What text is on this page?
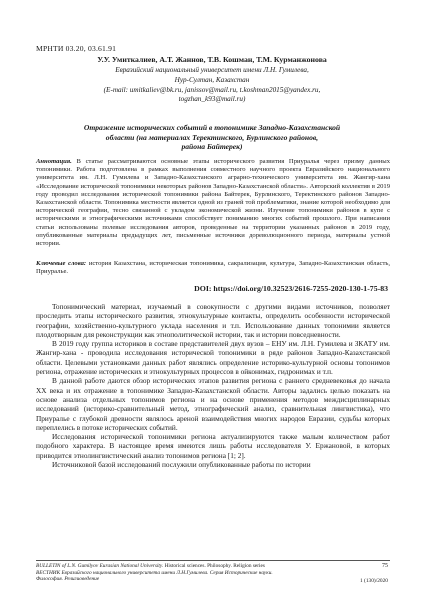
МРНТИ 03.20, 03.61.91
У.У. Умиткалиев, А.Т. Жаннов, Т.В. Кошман, Т.М. Курманжонова
Евразийский национальный университет имени Л.Н. Гумилева,
Нур-Султан, Казахстан
(E-mail: umitkaliev@bk.ru, janissov@mail.ru, t.koshman2015@yandex.ru,
togzhan_k93@mail.ru)
Отражение исторических событий в топонимике Западно-Казахстанской
области (на материалах Теректинского, Бурлинского районов,
района Байтерек)
Аннотация. В статье рассматриваются основные этапы исторического развития Приуралья через призму данных топонимики. Работа подготовлена в рамках выполнения совместного научного проекта Евразийского национального университета им. Л.Н. Гумилева и Западно-Казахстанского аграрно-технического университета им. Жангир-хана «Исследование исторической топонимики некоторых районов Западно-Казахстанской области». Авторский коллектив в 2019 году проводил исследования исторической топонимики района Байтерек, Бурлинского, Теректинского районов Западно-Казахстанской области. Топонимика местности является одной из граней той проблематики, знание которой необходимо для исторической географии, тесно связанной с укладом экономической жизни. Изучение топонимики районов в купе с историческими и этнографическими источниками способствует пониманию многих событий прошлого. При написании статьи использованы полевые исследования авторов, проведенные на территории указанных районов в 2019 году, опубликованные материалы предыдущих лет, письменные источники дореволюционного периода, материалы устной истории.
Ключевые слова: история Казахстана, историческая топонимика, сакрализация, культура, Западно-Казахстанская область, Приуралье.
DOI: https://doi.org/10.32523/2616-7255-2020-130-1-75-83

Топонимический материал, изучаемый в совокупности с другими видами источников, позволяет проследить этапы исторического развития, этнокультурные контакты, определить особенности исторической географии, хозяйственно-культурного уклада населения и т.п. Использование данных топонимии является плодотворным для реконструкции как этнополитической истории, так и истории повседневности.

В 2019 году группа историков в составе представителей двух вузов – ЕНУ им. Л.Н. Гумилева и ЗКАТУ им. Жангир-хана - проводила исследования исторической топонимики в ряде районов Западно-Казахстанской области. Целевыми установками данных работ являлись определение историко-культурной основы топонимов региона, отражение исторических и этнокультурных процессов в ойконимах, гидронимах и т.п.

В данной работе даются обзор исторических этапов развития региона с раннего средневековья до начала XX века и их отражение в топонимике Западно-Казахстанской области. Авторы задались целью показать на основе анализа отдельных топонимов региона и на основе применения методов междисциплинарных исследований (историко-сравнительный метод, этнографический анализ, сравнительная лингвистика), что Приуралье с глубокой древности являлось ареной взаимодействия многих народов Евразии, судьбы которых переплелись в потоке исторических событий.

Исследования исторической топонимики региона актуализируются также малым количеством работ подобного характера. В настоящее время имеются лишь работы исследователя У. Ержановой, в которых приводится этнолингвистический анализ топонимов региона [1; 2].

Источниковой базой исследований послужили опубликованные работы по истории

BULLETIN of L.N. Gumilyov Eurasian National University. Historical sciences. Philosophy. Religion series
ВЕСТНИК Евразийского национального университета имени Л.Н.Гумилева. Серия Исторические науки.
Философия. Религиоведение
75
1 (130)/2020
